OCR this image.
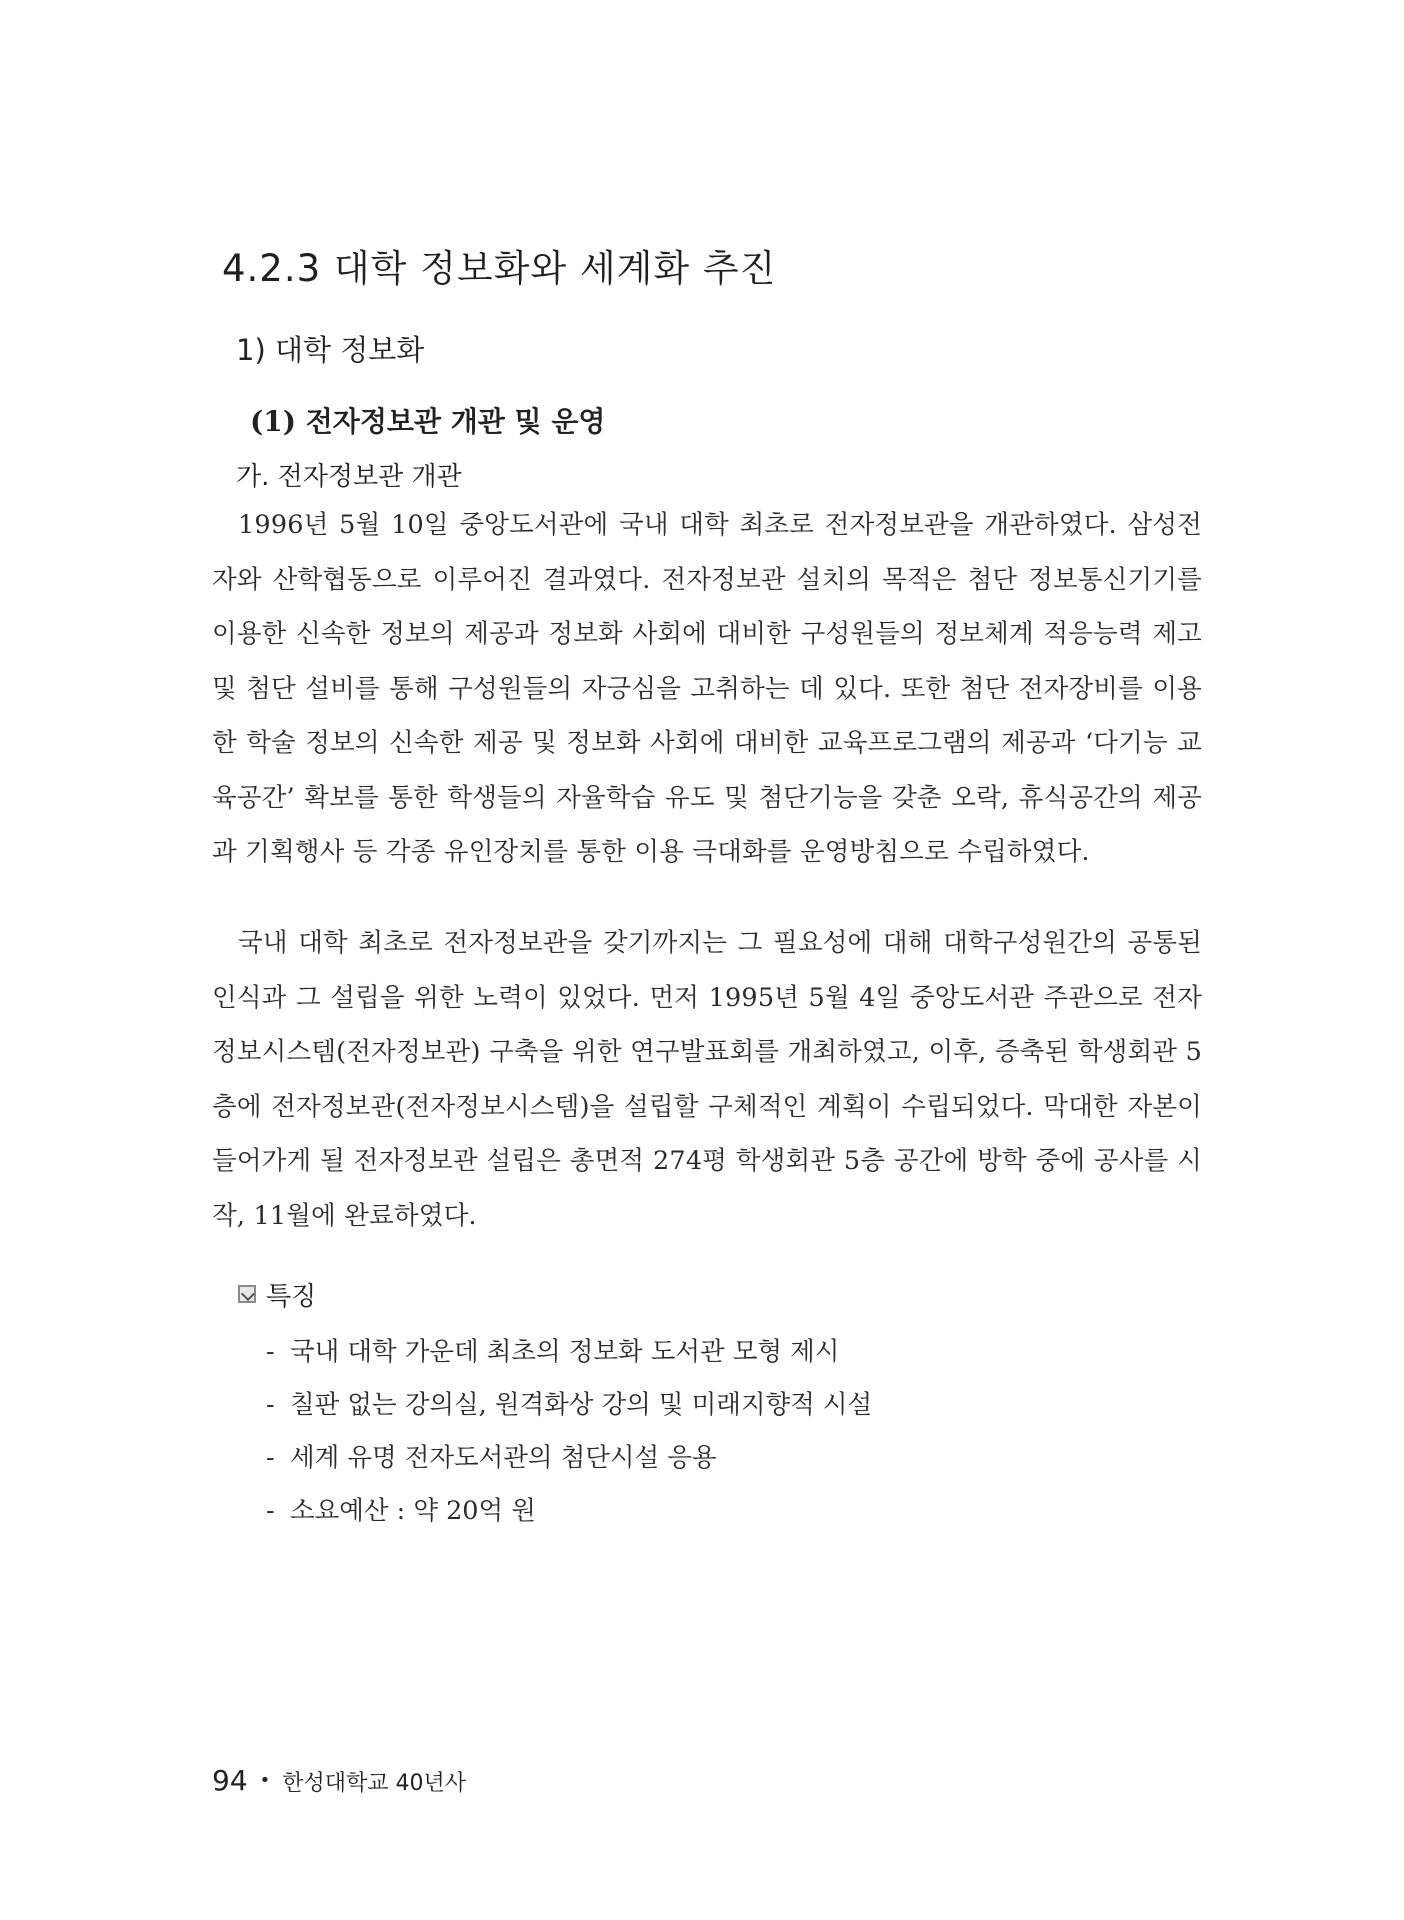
4.2.3 대학 정보화와 세계화 추진
1) 대학 정보화
(1) 전자정보관 개관 및 운영
가. 전자정보관 개관

1996년 5월 10일 중앙도서관에 국내 대학 최초로 전자정보관을 개관하였다. 삼성전자와 산학협동으로 이루어진 결과였다. 전자정보관 설치의 목적은 첨단 정보통신기기를 이용한 신속한 정보의 제공과 정보화 사회에 대비한 구성원들의 정보체계 적응능력 제고 및 첨단 설비를 통해 구성원들의 자긍심을 고취하는 데 있다. 또한 첨단 전자장비를 이용한 학술 정보의 신속한 제공 및 정보화 사회에 대비한 교육프로그램의 제공과 ‘다기능 교육공간’ 확보를 통한 학생들의 자율학습 유도 및 첨단기능을 갖춘 오락, 휴식공간의 제공과 기획행사 등 각종 유인장치를 통한 이용 극대화를 운영방침으로 수립하였다.

국내 대학 최초로 전자정보관을 갖기까지는 그 필요성에 대해 대학구성원간의 공통된 인식과 그 설립을 위한 노력이 있었다. 먼저 1995년 5월 4일 중앙도서관 주관으로 전자정보시스템(전자정보관) 구축을 위한 연구발표회를 개최하였고, 이후, 증축된 학생회관 5층에 전자정보관(전자정보시스템)을 설립할 구체적인 계획이 수립되었다. 막대한 자본이 들어가게 될 전자정보관 설립은 총면적 274평 학생회관 5층 공간에 방학 중에 공사를 시작, 11월에 완료하였다.

특징
- 국내 대학 가운데 최초의 정보화 도서관 모형 제시
- 칠판 없는 강의실, 원격화상 강의 및 미래지향적 시설
- 세계 유명 전자도서관의 첨단시설 응용
- 소요예산 : 약 20억 원
94 • 한성대학교 40년사
